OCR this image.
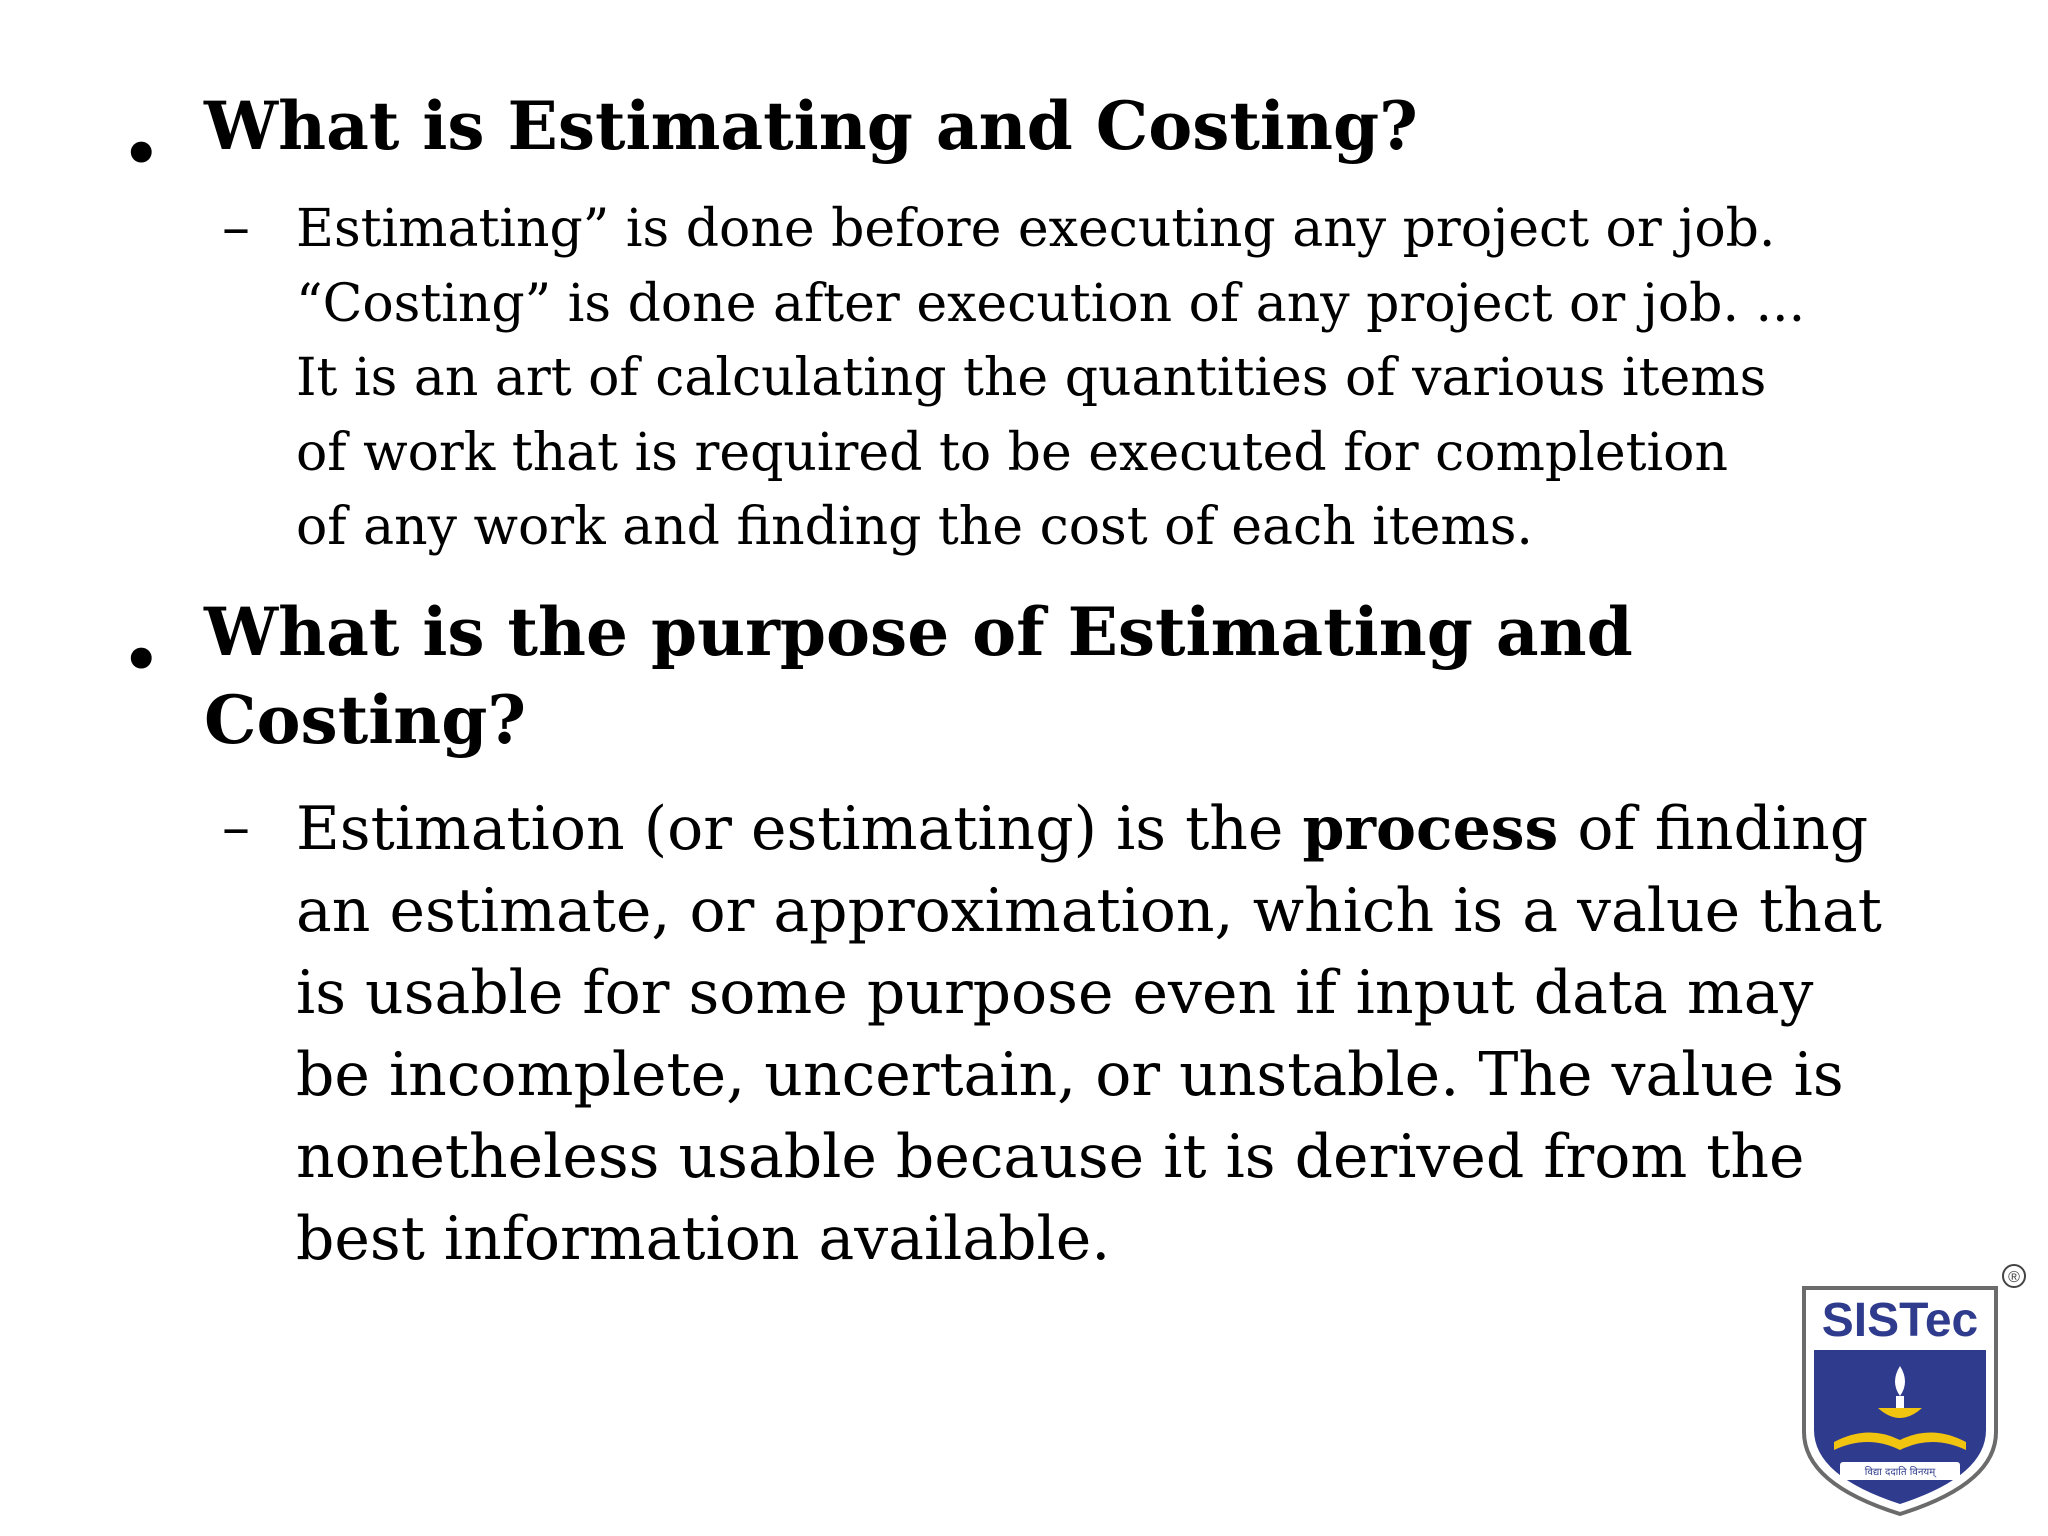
• What is Estimating and Costing?
– Estimating” is done before executing any project or job.
“Costing” is done after execution of any project or job. ...
It is an art of calculating the quantities of various items
of work that is required to be executed for completion
of any work and finding the cost of each items.
• What is the purpose of Estimating and
Costing?
– Estimation (or estimating) is the process of finding
an estimate, or approximation, which is a value that
is usable for some purpose even if input data may
be incomplete, uncertain, or unstable. The value is
nonetheless usable because it is derived from the
best information available.
SISTec
®
विद्या ददाति विनयम्
